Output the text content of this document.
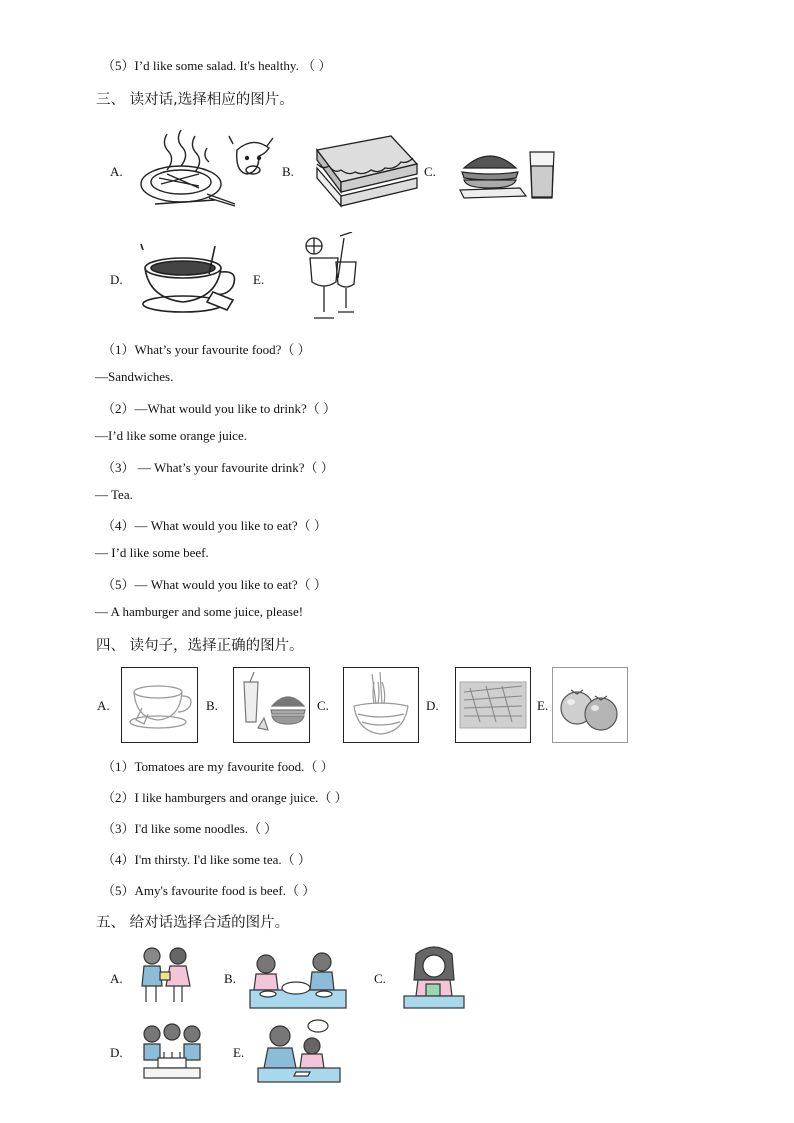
（5）I’d like some salad. It's healthy. （ ）
三、 读对话,选择相应的图片。
A.	B.	C.
D.	E.
（1）What’s your favourite food?（ ）
—Sandwiches.
（2）—What would you like to drink?（ ）
—I’d like some orange juice.
（3） — What’s your favourite drink?（ ）
— Tea.
（4）— What would you like to eat?（ ）
— I’d like some beef.
（5）— What would you like to eat?（ ）
— A hamburger and some juice, please!
四、 读句子，选择正确的图片。
A.	B.	C.	D.	E.
（1）Tomatoes are my favourite food.（ ）
（2）I like hamburgers and orange juice.（ ）
（3）I'd like some noodles.（ ）
（4）I'm thirsty. I'd like some tea.（ ）
（5）Amy's favourite food is beef.（ ）
五、 给对话选择合适的图片。
A.	B.	C.
D.	E.
